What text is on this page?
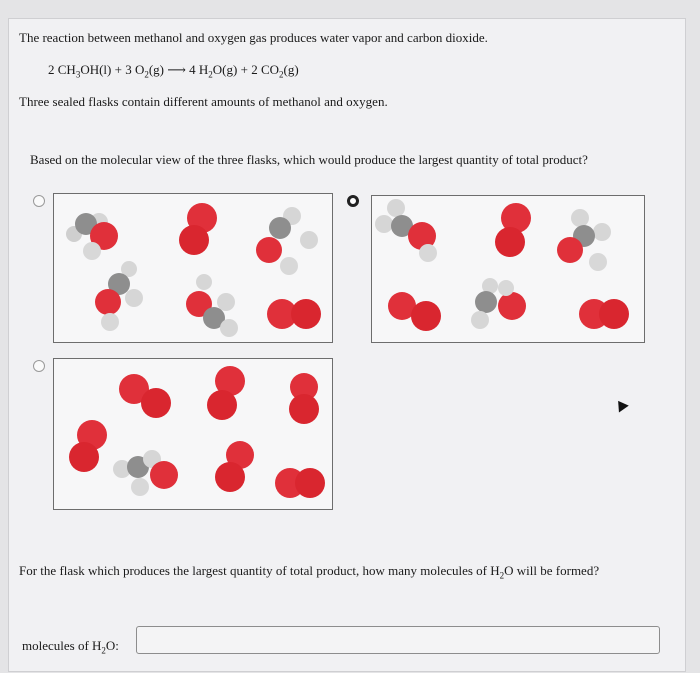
The reaction between methanol and oxygen gas produces water vapor and carbon dioxide.
2 $CH_3OH(l) + 3$ $O_2(g)$ ⟶ 4 $H_2O(g) + 2$ $CO_2(g)$
Three sealed flasks contain different amounts of methanol and oxygen.
Based on the molecular view of the three flasks, which would produce the largest quantity of total product?
For the flask which produces the largest quantity of total product, how many molecules of $H_2O$ will be formed?
molecules of $H_2O$:
